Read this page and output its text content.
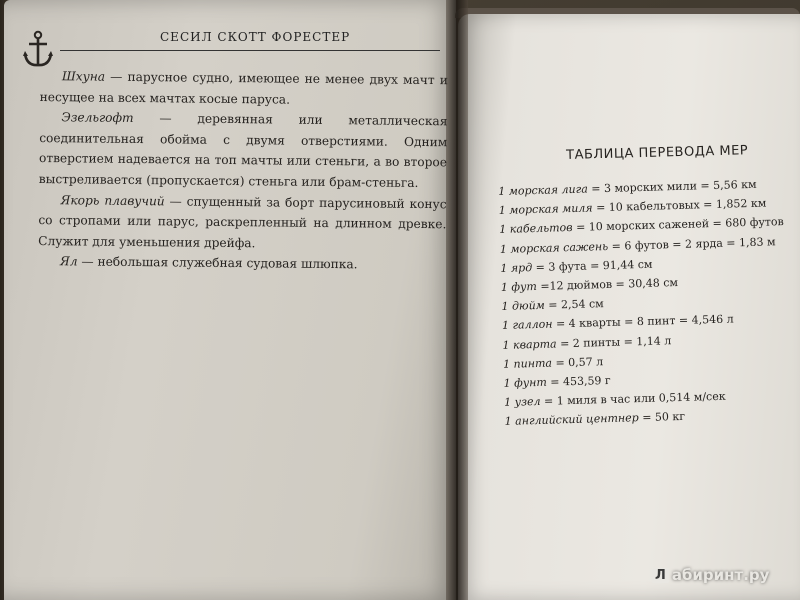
СЕСИЛ СКОТТ ФОРЕСТЕР

Шхуна — парусное судно, имеющее не менее двух мачт и несущее на всех мачтах косые паруса.

Эзельгофт — деревянная или металлическая соединительная обойма с двумя отверстиями. Одним отверстием надевается на топ мачты или стеньги, а во второе выстреливается (пропускается) стеньга или брам-стеньга.

Якорь плавучий — спущенный за борт парусиновый конус со стропами или парус, раскрепленный на длинном древке. Служит для уменьшения дрейфа.

Ял — небольшая служебная судовая шлюпка.

ТАБЛИЦА ПЕРЕВОДА МЕР
1 морская лига = 3 морских мили = 5,56 км
1 морская миля = 10 кабельтовых = 1,852 км
1 кабельтов = 10 морских саженей = 680 футов
1 морская сажень = 6 футов = 2 ярда = 1,83 м
1 ярд = 3 фута = 91,44 см
1 фут =12 дюймов = 30,48 см
1 дюйм = 2,54 см
1 галлон = 4 кварты = 8 пинт = 4,546 л
1 кварта = 2 пинты = 1,14 л
1 пинта = 0,57 л
1 фунт = 453,59 г
1 узел = 1 миля в час или 0,514 м/сек
1 английский центнер = 50 кг
Л абиринт.ру
